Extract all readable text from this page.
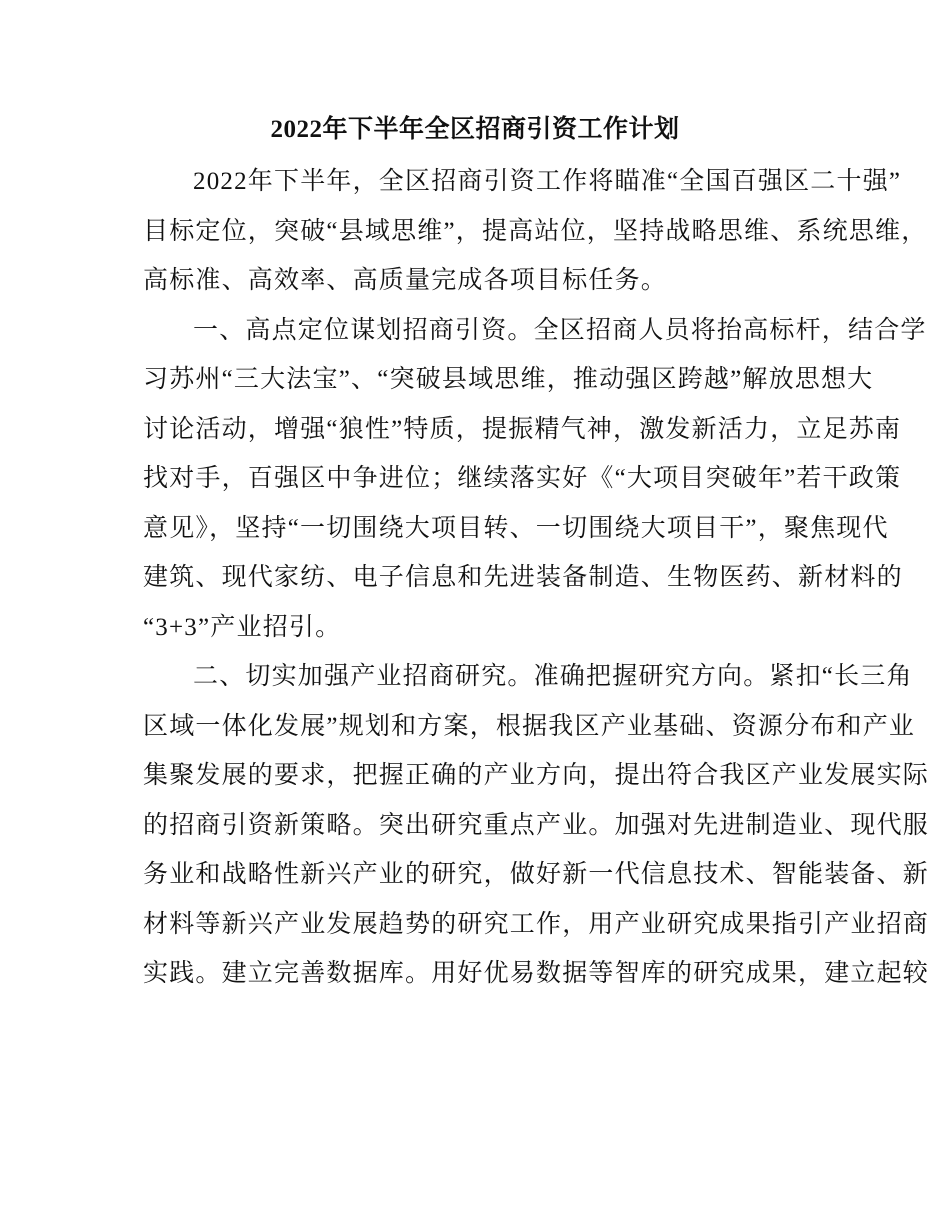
2022年下半年全区招商引资工作计划
2022年下半年，全区招商引资工作将瞄准“全国百强区二十强”
目标定位，突破“县域思维”，提高站位，坚持战略思维、系统思维，
高标准、高效率、高质量完成各项目标任务。
一、高点定位谋划招商引资。全区招商人员将抬高标杆，结合学
习苏州“三大法宝”、“突破县域思维，推动强区跨越”解放思想大
讨论活动，增强“狼性”特质，提振精气神，激发新活力，立足苏南
找对手，百强区中争进位；继续落实好《“大项目突破年”若干政策
意见》，坚持“一切围绕大项目转、一切围绕大项目干”，聚焦现代
建筑、现代家纺、电子信息和先进装备制造、生物医药、新材料的
“3+3”产业招引。
二、切实加强产业招商研究。准确把握研究方向。紧扣“长三角
区域一体化发展”规划和方案，根据我区产业基础、资源分布和产业
集聚发展的要求，把握正确的产业方向，提出符合我区产业发展实际
的招商引资新策略。突出研究重点产业。加强对先进制造业、现代服
务业和战略性新兴产业的研究，做好新一代信息技术、智能装备、新
材料等新兴产业发展趋势的研究工作，用产业研究成果指引产业招商
实践。建立完善数据库。用好优易数据等智库的研究成果，建立起较
